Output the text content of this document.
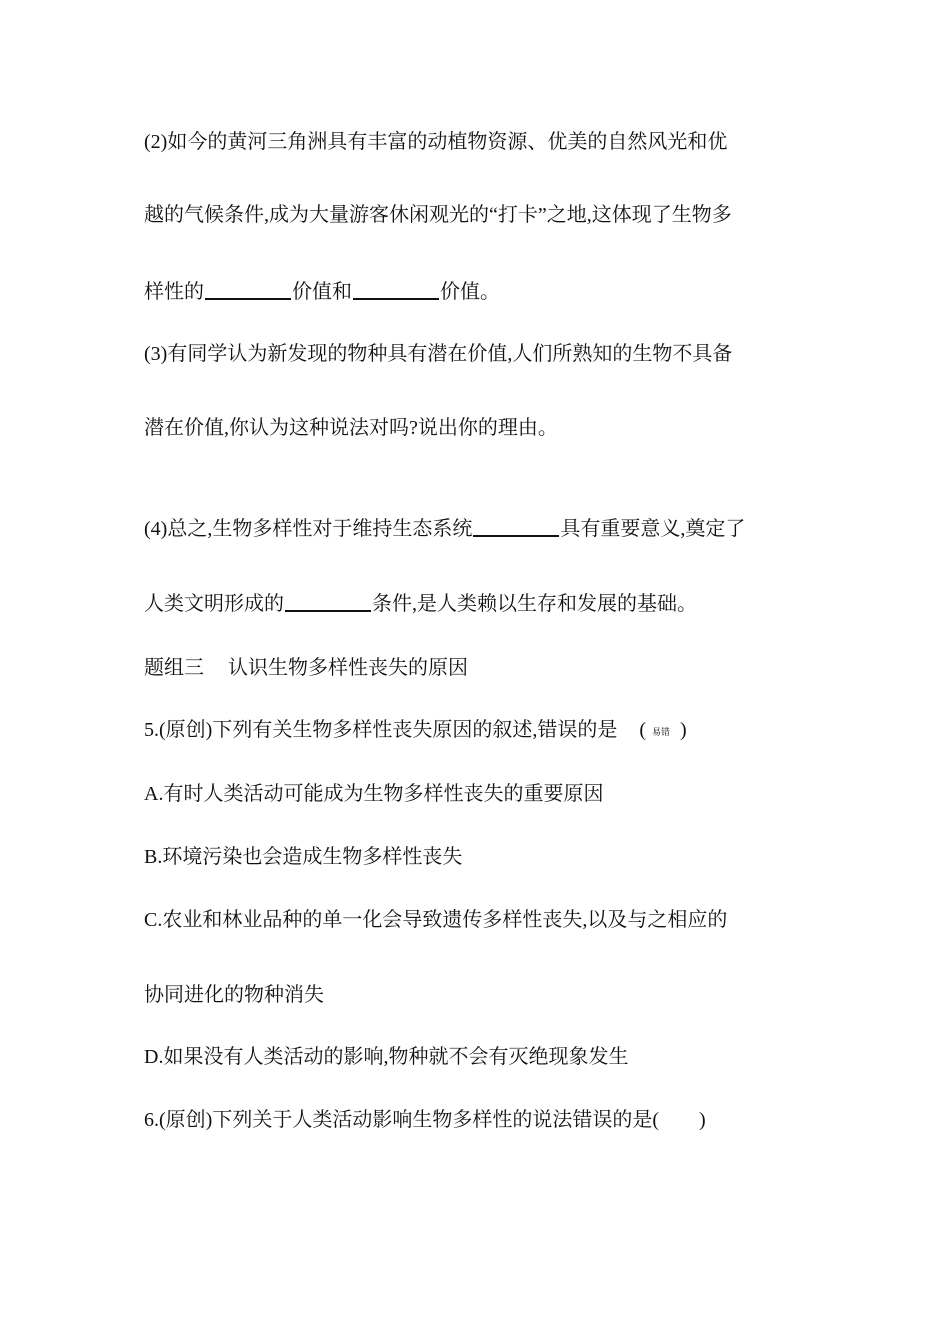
(2)如今的黄河三角洲具有丰富的动植物资源、优美的自然风光和优
越的气候条件,成为大量游客休闲观光的“打卡”之地,这体现了生物多
样性的	价值和	价值。
(3)有同学认为新发现的物种具有潜在价值,人们所熟知的生物不具备
潜在价值,你认为这种说法对吗?说出你的理由。
(4)总之,生物多样性对于维持生态系统	具有重要意义,奠定了
人类文明形成的	条件,是人类赖以生存和发展的基础。
题组三 认识生物多样性丧失的原因
5.(原创)下列有关生物多样性丧失原因的叙述,错误的是 ( 易错 )
A.有时人类活动可能成为生物多样性丧失的重要原因
B.环境污染也会造成生物多样性丧失
C.农业和林业品种的单一化会导致遗传多样性丧失,以及与之相应的
协同进化的物种消失
D.如果没有人类活动的影响,物种就不会有灭绝现象发生
6.(原创)下列关于人类活动影响生物多样性的说法错误的是( )
